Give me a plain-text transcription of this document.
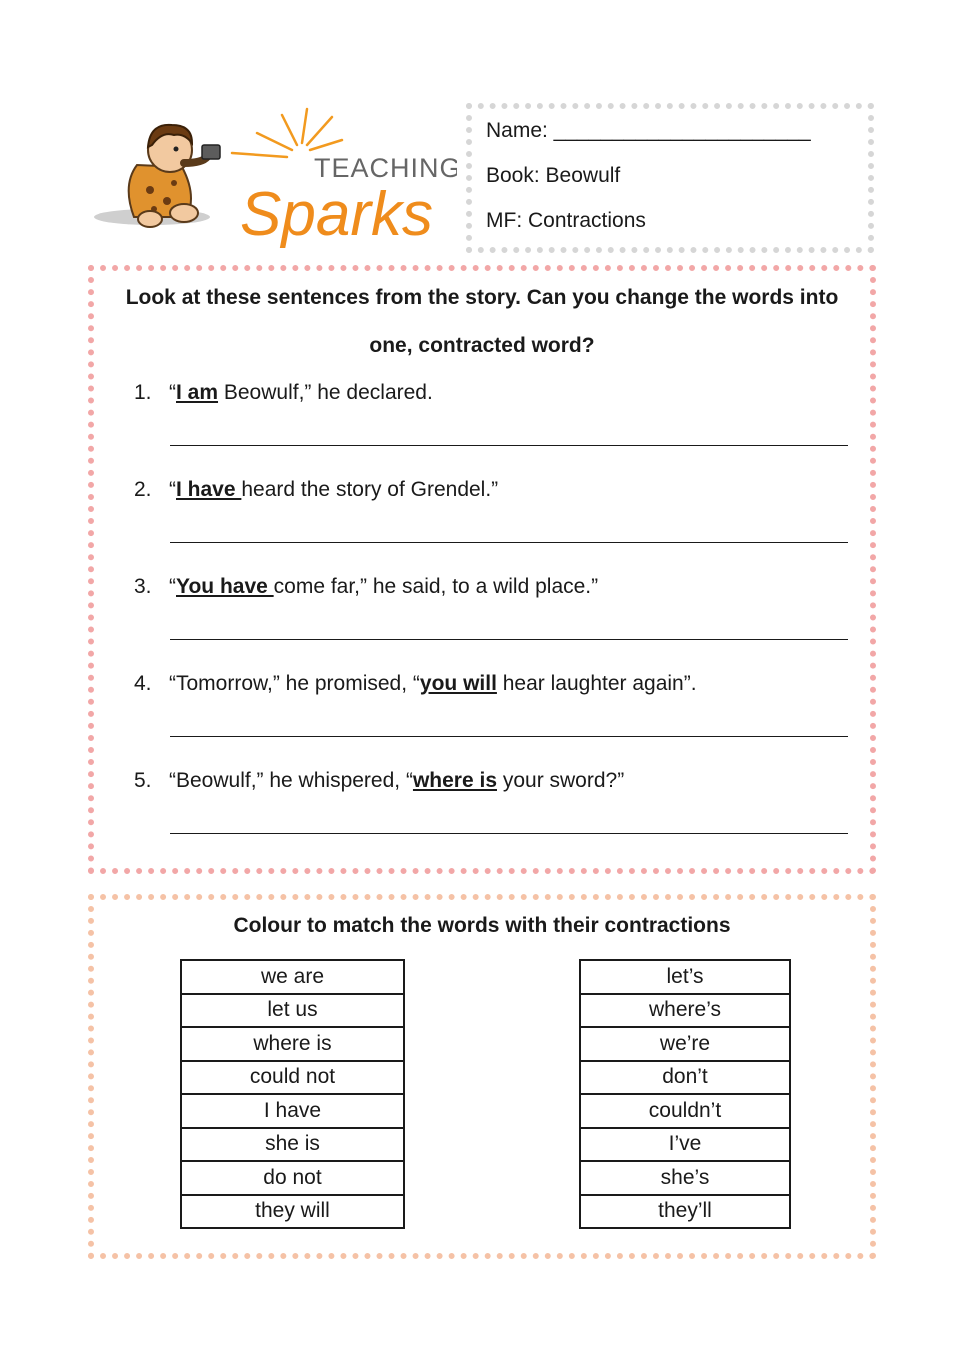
TEACHING
Sparks
Name: ______________________
Book: Beowulf
MF: Contractions

Look at these sentences from the story. Can you change the words into one, contracted word?

1. “I am Beowulf,” he declared.
2. “I have heard the story of Grendel.”
3. “You have come far,” he said, to a wild place.”
4. “Tomorrow,” he promised, “you will hear laughter again”.
5. “Beowulf,” he whispered, “where is your sword?”

Colour to match the words with their contractions

we are
let us
where is
could not
I have
she is
do not
they will
let’s
where’s
we’re
don’t
couldn’t
I’ve
she’s
they’ll
